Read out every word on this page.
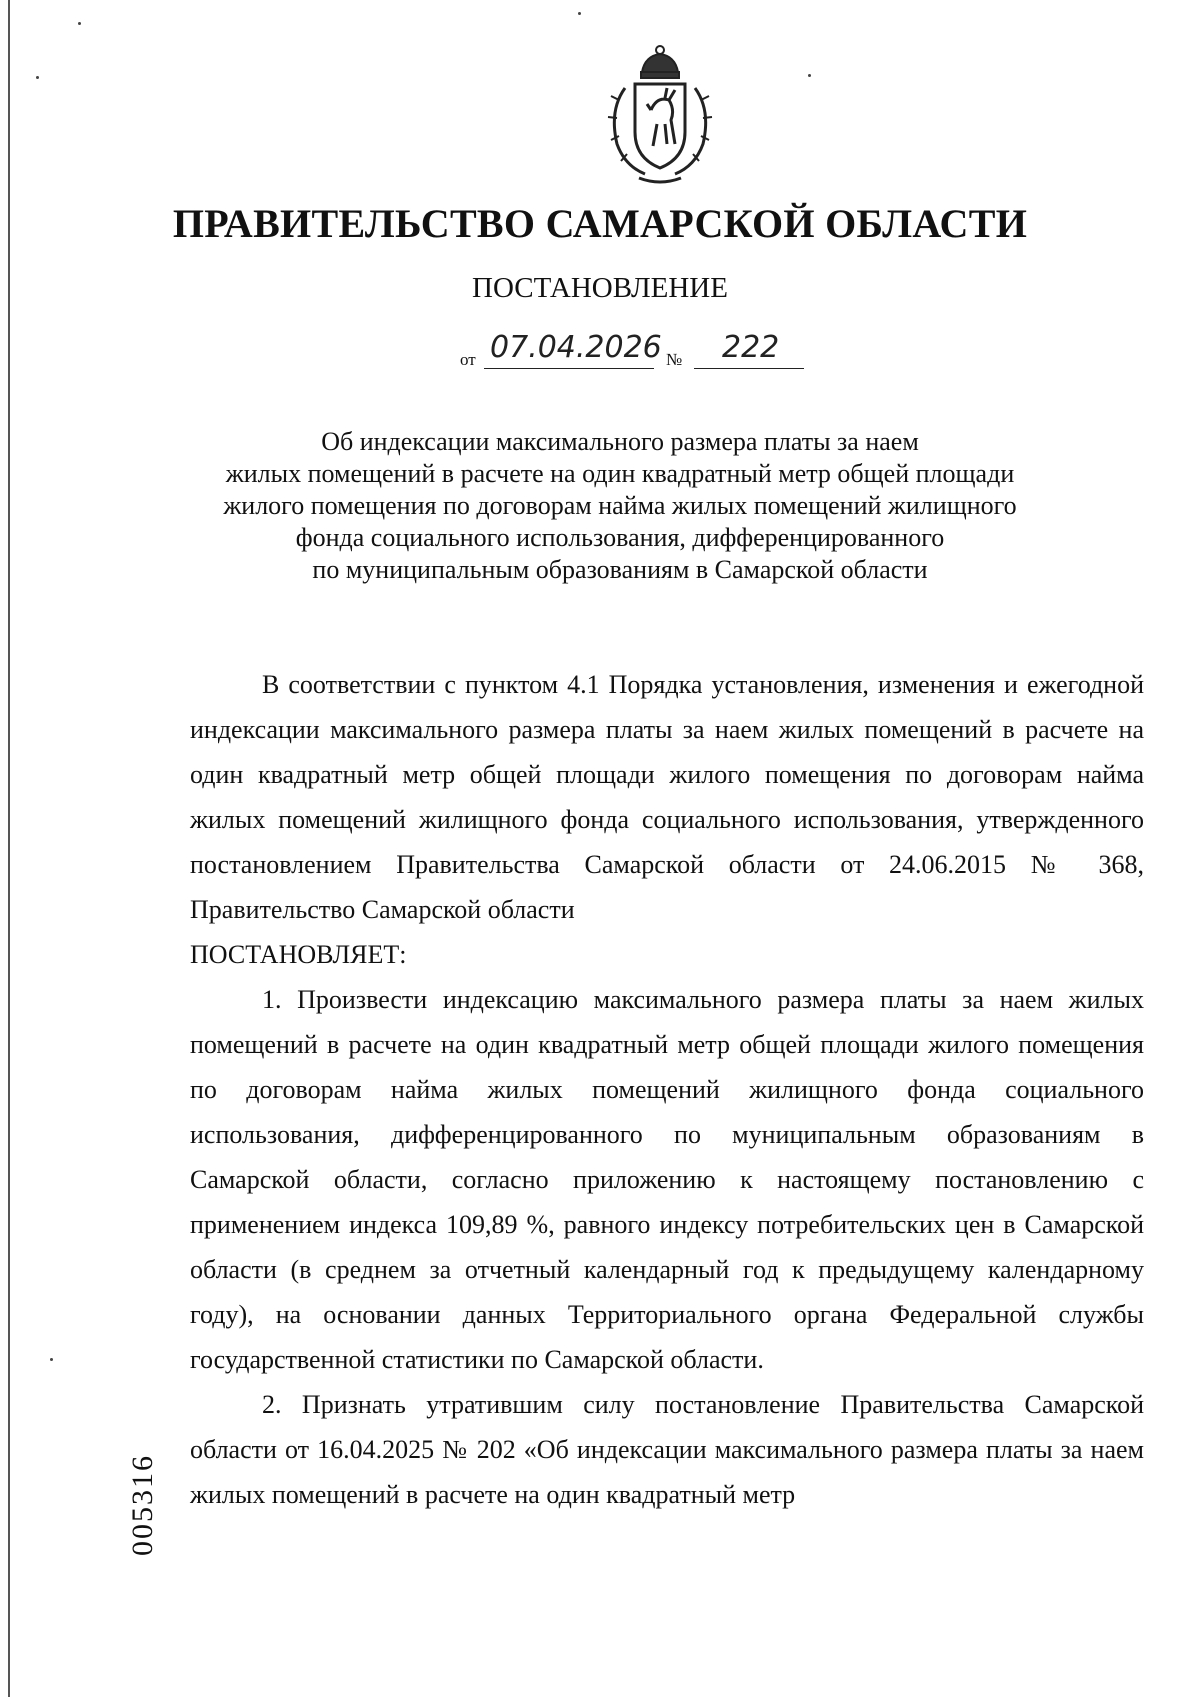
ПРАВИТЕЛЬСТВО САМАРСКОЙ ОБЛАСТИ
ПОСТАНОВЛЕНИЕ
от 07.04.2026 № 222
Об индексации максимального размера платы за наем
жилых помещений в расчете на один квадратный метр общей площади
жилого помещения по договорам найма жилых помещений жилищного
фонда социального использования, дифференцированного
по муниципальным образованиям в Самарской области

В соответствии с пунктом 4.1 Порядка установления, изменения и ежегодной индексации максимального размера платы за наем жилых помещений в расчете на один квадратный метр общей площади жилого помещения по договорам найма жилых помещений жилищного фонда социального использования, утвержденного постановлением Правительства Самарской области от 24.06.2015 № 368, Правительство Самарской области

ПОСТАНОВЛЯЕТ:

1. Произвести индексацию максимального размера платы за наем жилых помещений в расчете на один квадратный метр общей площади жилого помещения по договорам найма жилых помещений жилищного фонда социального использования, дифференцированного по муниципальным образованиям в Самарской области, согласно приложению к настоящему постановлению с применением индекса 109,89 %, равного индексу потребительских цен в Самарской области (в среднем за отчетный календарный год к предыдущему календарному году), на основании данных Территориального органа Федеральной службы государственной статистики по Самарской области.

2. Признать утратившим силу постановление Правительства Самарской области от 16.04.2025 № 202 «Об индексации максимального размера платы за наем жилых помещений в расчете на один квадратный метр

005316
